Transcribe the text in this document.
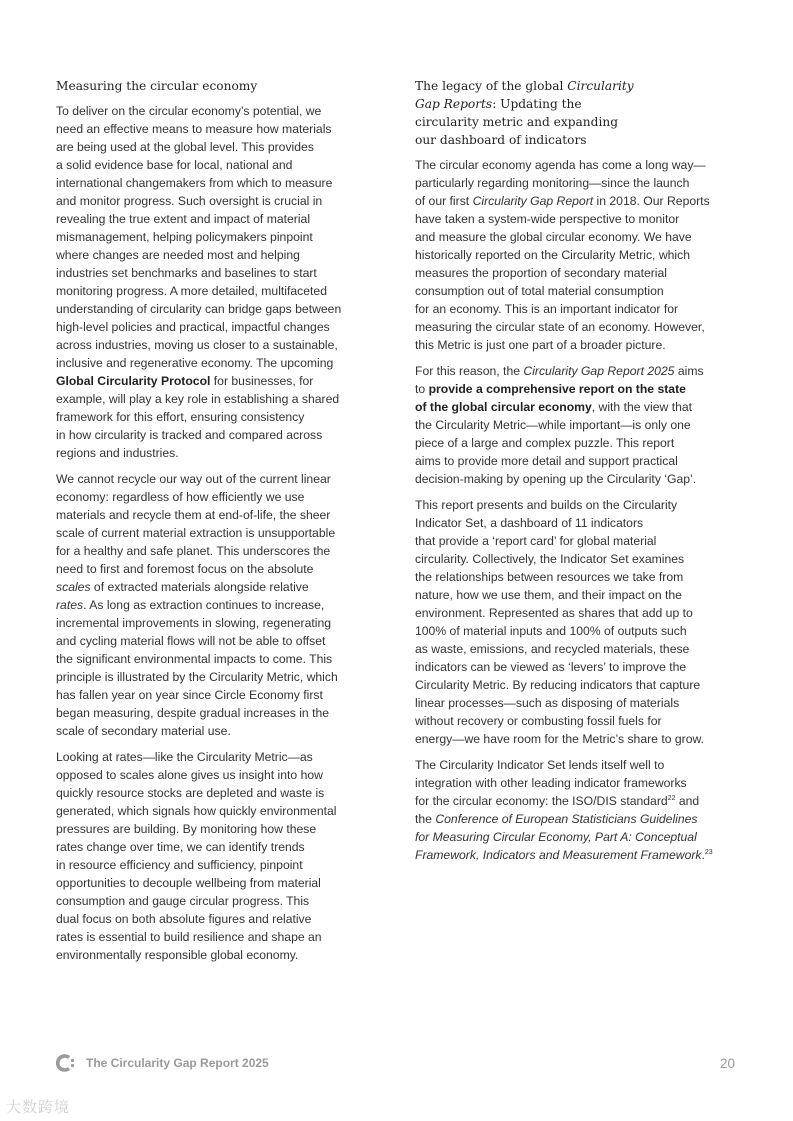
Measuring the circular economy

To deliver on the circular economy’s potential, we
need an effective means to measure how materials
are being used at the global level. This provides
a solid evidence base for local, national and
international changemakers from which to measure
and monitor progress. Such oversight is crucial in
revealing the true extent and impact of material
mismanagement, helping policymakers pinpoint
where changes are needed most and helping
industries set benchmarks and baselines to start
monitoring progress. A more detailed, multifaceted
understanding of circularity can bridge gaps between
high-level policies and practical, impactful changes
across industries, moving us closer to a sustainable,
inclusive and regenerative economy. The upcoming
Global Circularity Protocol for businesses, for
example, will play a key role in establishing a shared
framework for this effort, ensuring consistency
in how circularity is tracked and compared across
regions and industries.

We cannot recycle our way out of the current linear
economy: regardless of how efficiently we use
materials and recycle them at end-of-life, the sheer
scale of current material extraction is unsupportable
for a healthy and safe planet. This underscores the
need to first and foremost focus on the absolute
scales of extracted materials alongside relative
rates. As long as extraction continues to increase,
incremental improvements in slowing, regenerating
and cycling material flows will not be able to offset
the significant environmental impacts to come. This
principle is illustrated by the Circularity Metric, which
has fallen year on year since Circle Economy first
began measuring, despite gradual increases in the
scale of secondary material use.

Looking at rates—like the Circularity Metric—as
opposed to scales alone gives us insight into how
quickly resource stocks are depleted and waste is
generated, which signals how quickly environmental
pressures are building. By monitoring how these
rates change over time, we can identify trends
in resource efficiency and sufficiency, pinpoint
opportunities to decouple wellbeing from material
consumption and gauge circular progress. This
dual focus on both absolute figures and relative
rates is essential to build resilience and shape an
environmentally responsible global economy.

The legacy of the global Circularity
Gap Reports: Updating the
circularity metric and expanding
our dashboard of indicators

The circular economy agenda has come a long way—
particularly regarding monitoring—since the launch
of our first Circularity Gap Report in 2018. Our Reports
have taken a system-wide perspective to monitor
and measure the global circular economy. We have
historically reported on the Circularity Metric, which
measures the proportion of secondary material
consumption out of total material consumption
for an economy. This is an important indicator for
measuring the circular state of an economy. However,
this Metric is just one part of a broader picture.

For this reason, the Circularity Gap Report 2025 aims
to provide a comprehensive report on the state
of the global circular economy, with the view that
the Circularity Metric—while important—is only one
piece of a large and complex puzzle. This report
aims to provide more detail and support practical
decision-making by opening up the Circularity ‘Gap’.

This report presents and builds on the Circularity
Indicator Set, a dashboard of 11 indicators
that provide a ‘report card’ for global material
circularity. Collectively, the Indicator Set examines
the relationships between resources we take from
nature, how we use them, and their impact on the
environment. Represented as shares that add up to
100% of material inputs and 100% of outputs such
as waste, emissions, and recycled materials, these
indicators can be viewed as ‘levers’ to improve the
Circularity Metric. By reducing indicators that capture
linear processes—such as disposing of materials
without recovery or combusting fossil fuels for
energy—we have room for the Metric’s share to grow.

The Circularity Indicator Set lends itself well to
integration with other leading indicator frameworks
for the circular economy: the ISO/DIS standard$^{22}$ and
the Conference of European Statisticians Guidelines
for Measuring Circular Economy, Part A: Conceptual
Framework, Indicators and Measurement Framework.$^{23}$

The Circularity Gap Report 2025	20
大数跨境
